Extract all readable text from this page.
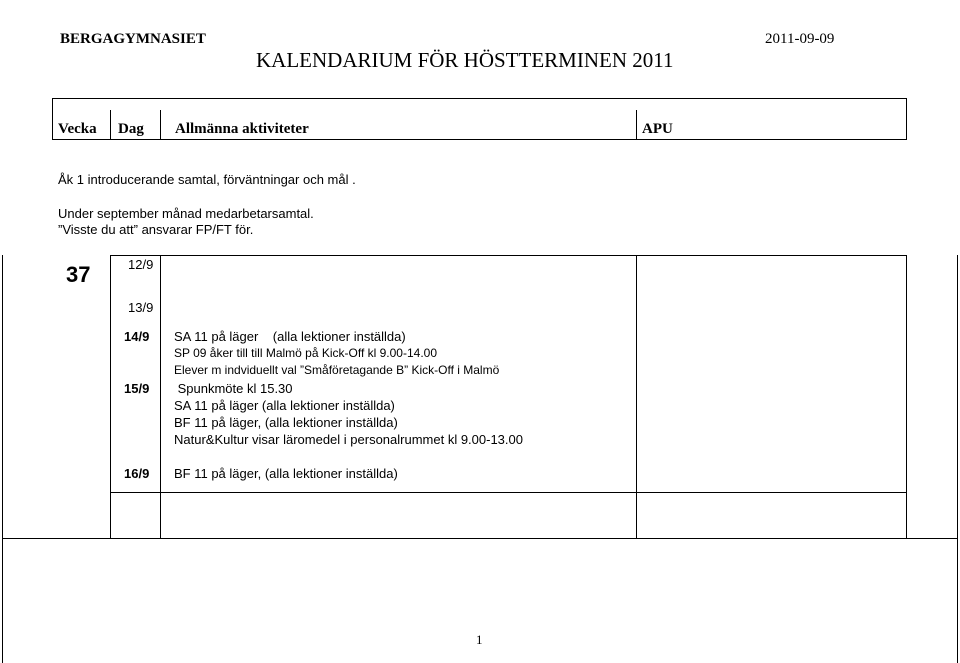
BERGAGYMNASIET
KALENDARIUM FÖR HÖSTTERMINEN 2011
2011-09-09
Vecka Dag Allmänna aktiviteter	APU
Åk 1 introducerande samtal, förväntningar och mål .
Under september månad medarbetarsamtal.
”Visste du att” ansvarar FP/FT för.
37	12/9
13/9
14/9
15/9
16/9
SA 11 på läger    (alla lektioner inställda)
SP 09 åker till till Malmö på Kick-Off kl 9.00-14.00
Elever m indviduellt val ”Småföretagande B” Kick-Off i Malmö
Spunkmöte kl 15.30
SA 11 på läger (alla lektioner inställda)
BF 11 på läger, (alla lektioner inställda)
Natur&Kultur visar läromedel i personalrummet kl 9.00-13.00
BF 11 på läger, (alla lektioner inställda)
1
